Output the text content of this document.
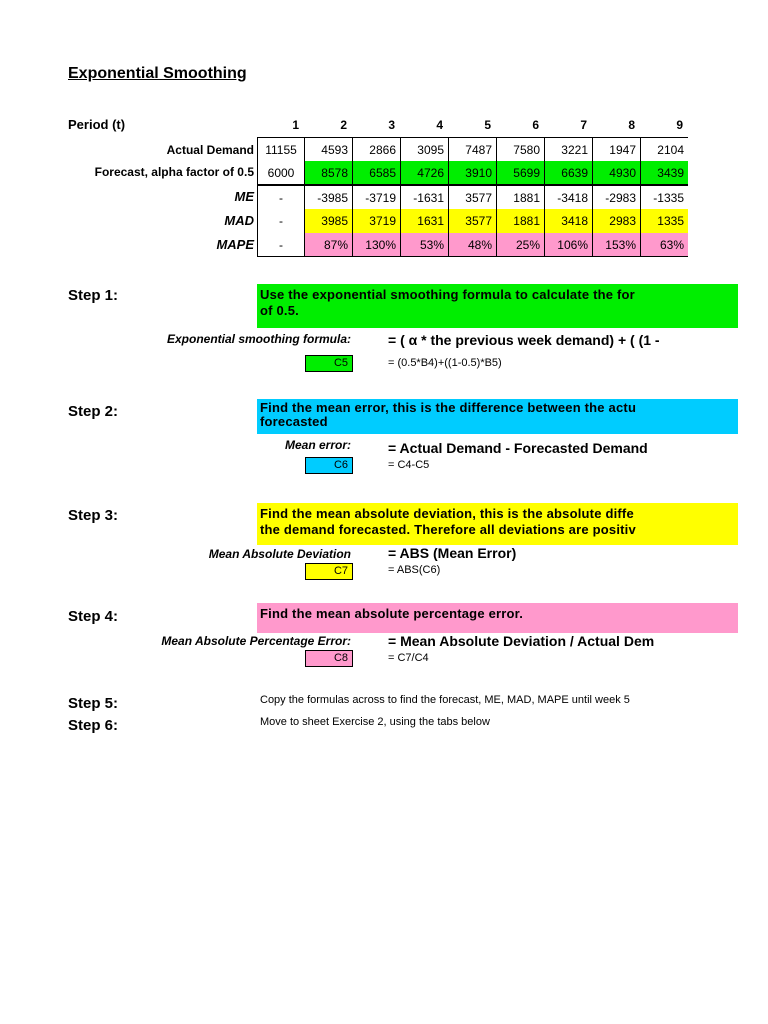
Exponential Smoothing
Period (t)	1	2	3	4	5	6	7	8	9
Actual Demand 11155	4593	2866	3095	7487	7580	3221	1947	2104
Forecast, alpha factor of 0.5	6000	8578	6585	4726	3910	5699	6639	4930	3439
ME	-	-3985	-3719	-1631	3577	1881	-3418	-2983	-1335
MAD	-	3985	3719	1631	3577	1881	3418	2983	1335
MAPE	-	87%	130%	53%	48%	25%	106%	153%	63%
Step 1:	Use the exponential smoothing formula to calculate the for
of 0.5.
Exponential smoothing formula:	= ( α * the previous week demand) + ( (1 -
C5	= (0.5*B4)+((1-0.5)*B5)
Step 2:	Find the mean error, this is the difference between the actu
forecasted
Mean error:	= Actual Demand - Forecasted Demand
C6	= C4-C5
Step 3:	Find the mean absolute deviation, this is the absolute diffe
the demand forecasted. Therefore all deviations are positiv
Mean Absolute Deviation	= ABS (Mean Error)
C7	= ABS(C6)
Step 4:	Find the mean absolute percentage error.
Mean Absolute Percentage Error:	= Mean Absolute Deviation / Actual Dem
C8	= C7/C4
Step 5:	Copy the formulas across to find the forecast, ME, MAD, MAPE until week 5
Step 6:	Move to sheet Exercise 2, using the tabs below
